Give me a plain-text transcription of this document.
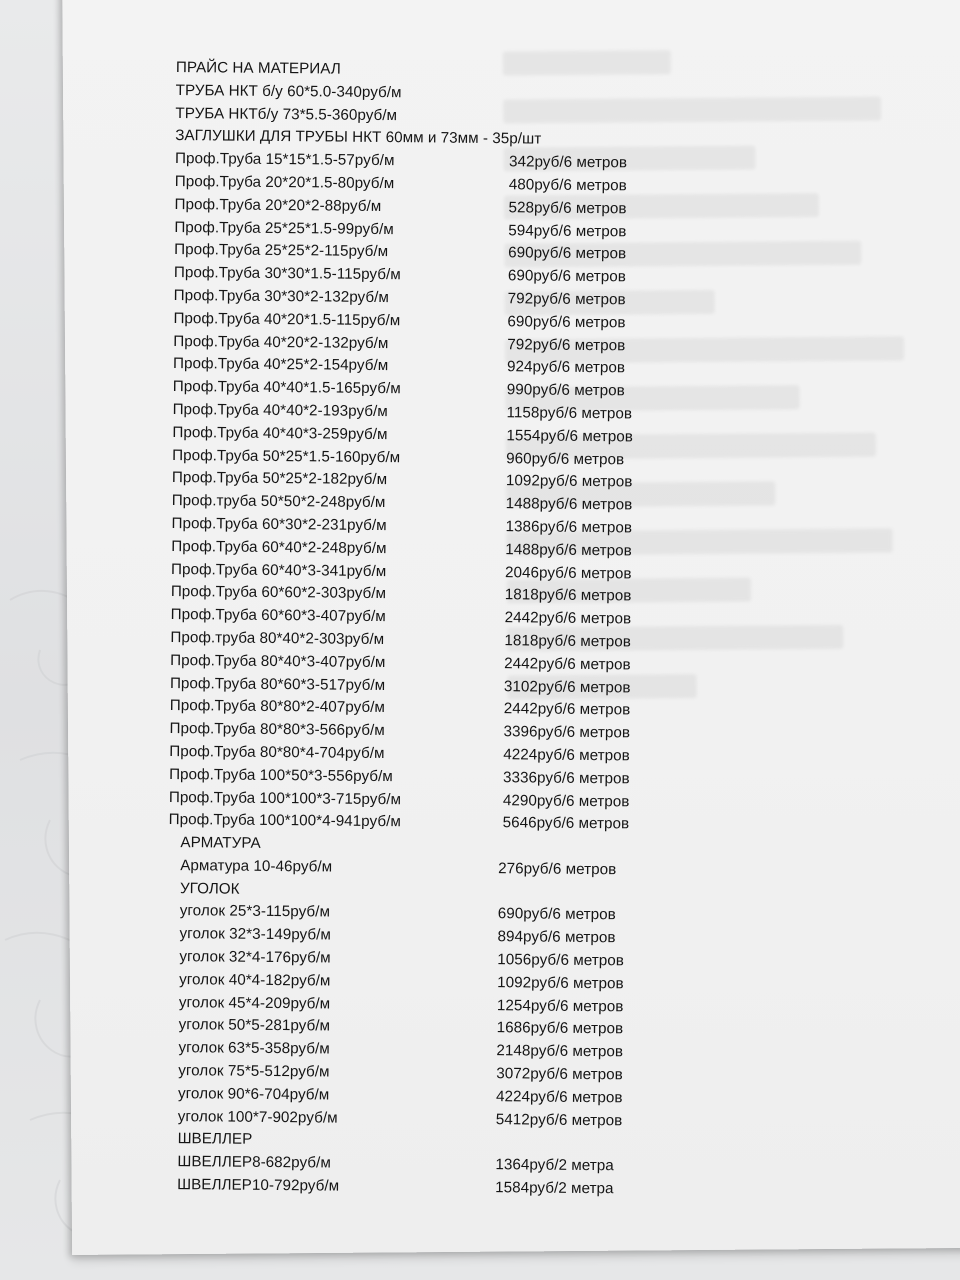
ПРАЙС НА МАТЕРИАЛ
ТРУБА НКТ б/у 60*5.0-340руб/м
ТРУБА НКТб/у 73*5.5-360руб/м
ЗАГЛУШКИ ДЛЯ ТРУБЫ НКТ 60мм и 73мм - 35р/шт
Проф.Труба 15*15*1.5-57руб/м	342руб/6 метров
Проф.Труба 20*20*1.5-80руб/м	480руб/6 метров
Проф.Труба 20*20*2-88руб/м	528руб/6 метров
Проф.Труба 25*25*1.5-99руб/м	594руб/6 метров
Проф.Труба 25*25*2-115руб/м	690руб/6 метров
Проф.Труба 30*30*1.5-115руб/м	690руб/6 метров
Проф.Труба 30*30*2-132руб/м	792руб/6 метров
Проф.Труба 40*20*1.5-115руб/м	690руб/6 метров
Проф.Труба 40*20*2-132руб/м	792руб/6 метров
Проф.Труба 40*25*2-154руб/м	924руб/6 метров
Проф.Труба 40*40*1.5-165руб/м	990руб/6 метров
Проф.Труба 40*40*2-193руб/м	1158руб/6 метров
Проф.Труба 40*40*3-259руб/м	1554руб/6 метров
Проф.Труба 50*25*1.5-160руб/м	960руб/6 метров
Проф.Труба 50*25*2-182руб/м	1092руб/6 метров
Проф.труба 50*50*2-248руб/м	1488руб/6 метров
Проф.Труба 60*30*2-231руб/м	1386руб/6 метров
Проф.Труба 60*40*2-248руб/м	1488руб/6 метров
Проф.Труба 60*40*3-341руб/м	2046руб/6 метров
Проф.Труба 60*60*2-303руб/м	1818руб/6 метров
Проф.Труба 60*60*3-407руб/м	2442руб/6 метров
Проф.труба 80*40*2-303руб/м	1818руб/6 метров
Проф.Труба 80*40*3-407руб/м	2442руб/6 метров
Проф.Труба 80*60*3-517руб/м	3102руб/6 метров
Проф.Труба 80*80*2-407руб/м	2442руб/6 метров
Проф.Труба 80*80*3-566руб/м	3396руб/6 метров
Проф.Труба 80*80*4-704руб/м	4224руб/6 метров
Проф.Труба 100*50*3-556руб/м	3336руб/6 метров
Проф.Труба 100*100*3-715руб/м	4290руб/6 метров
Проф.Труба 100*100*4-941руб/м	5646руб/6 метров
АРМАТУРА
Арматура 10-46руб/м	276руб/6 метров
УГОЛОК
уголок 25*3-115руб/м	690руб/6 метров
уголок 32*3-149руб/м	894руб/6 метров
уголок 32*4-176руб/м	1056руб/6 метров
уголок 40*4-182руб/м	1092руб/6 метров
уголок 45*4-209руб/м	1254руб/6 метров
уголок 50*5-281руб/м	1686руб/6 метров
уголок 63*5-358руб/м	2148руб/6 метров
уголок 75*5-512руб/м	3072руб/6 метров
уголок 90*6-704руб/м	4224руб/6 метров
уголок 100*7-902руб/м	5412руб/6 метров
ШВЕЛЛЕР
ШВЕЛЛЕР8-682руб/м	1364руб/2 метра
ШВЕЛЛЕР10-792руб/м	1584руб/2 метра
